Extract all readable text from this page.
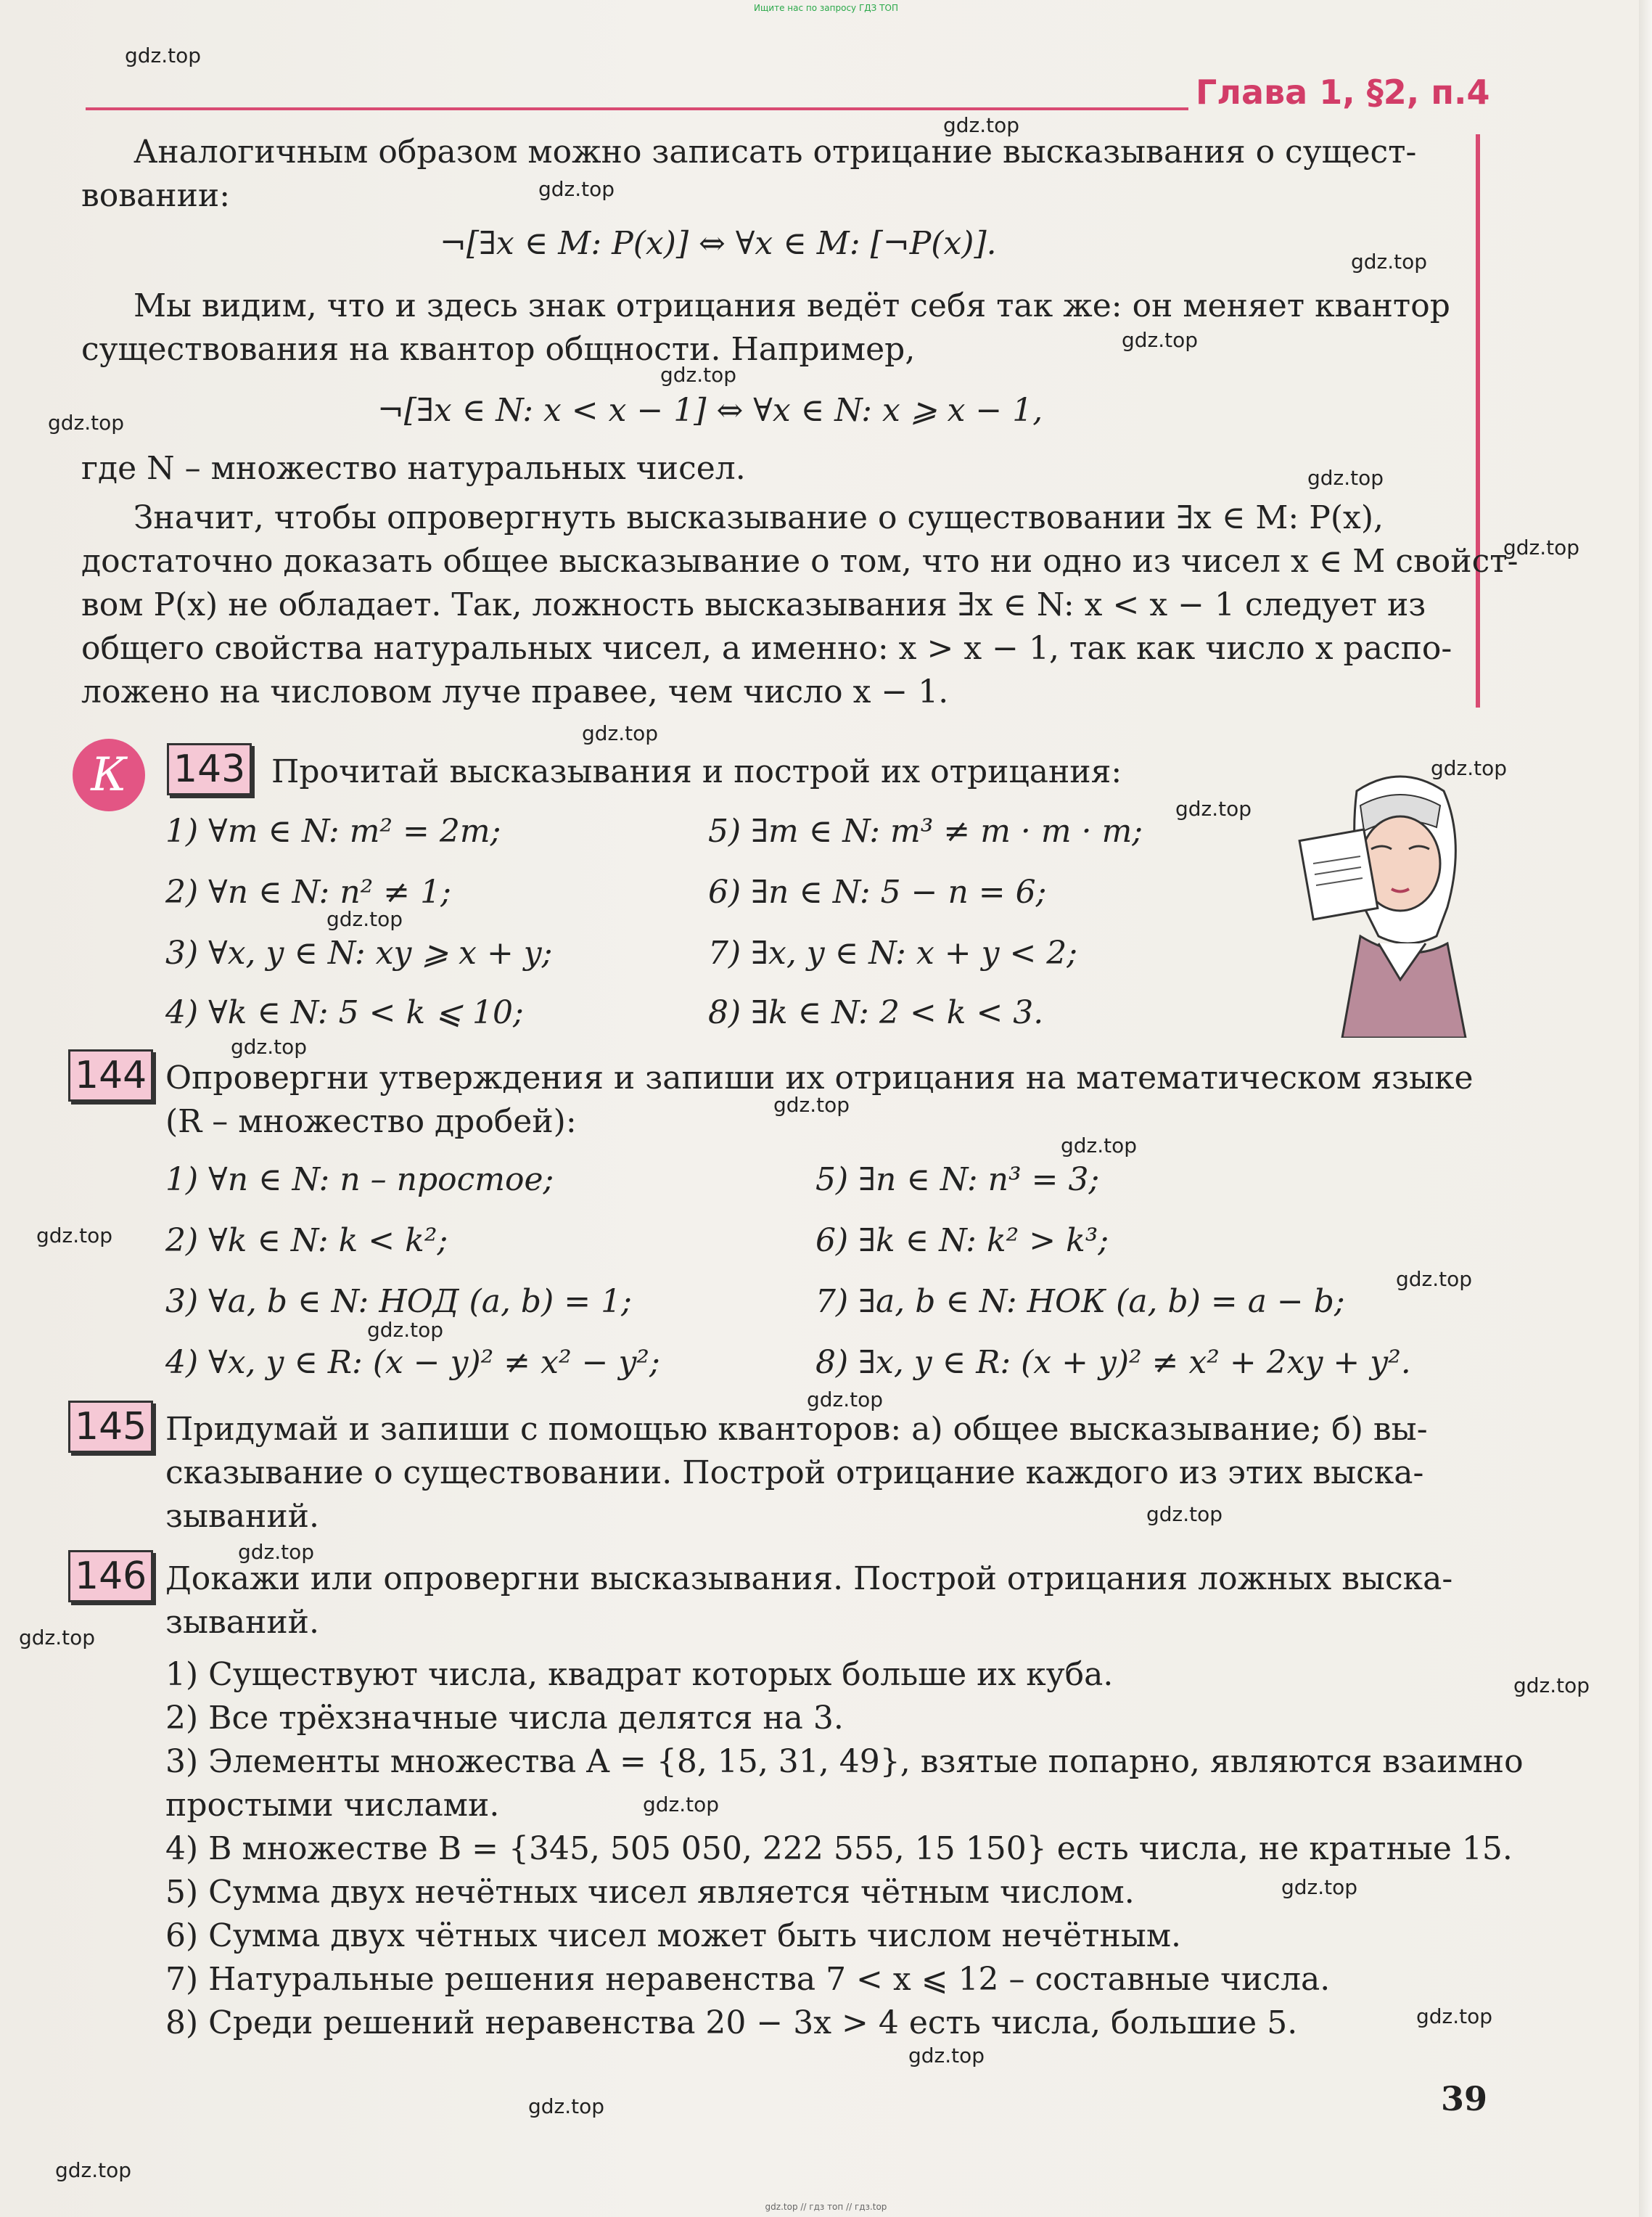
Ищите нас по запросу ГДЗ ТОП
Глава 1, §2, п.4
Аналогичным образом можно записать отрицание высказывания о сущест-
вовании:
¬[∃x ∈ M: P(x)] ⇔ ∀x ∈ M: [¬P(x)].
Мы видим, что и здесь знак отрицания ведёт себя так же: он меняет квантор
существования на квантор общности. Например,
¬[∃x ∈ N: x < x − 1] ⇔ ∀x ∈ N: x ⩾ x − 1,
где N – множество натуральных чисел.
Значит, чтобы опровергнуть высказывание о существовании ∃x ∈ M: P(x),
достаточно доказать общее высказывание о том, что ни одно из чисел x ∈ M свойст-
вом P(x) не обладает. Так, ложность высказывания ∃x ∈ N: x < x − 1 следует из
общего свойства натуральных чисел, а именно: x > x − 1, так как число x распо-
ложено на числовом луче правее, чем число x − 1.
К	143 Прочитай высказывания и построй их отрицания:
1) ∀m ∈ N: m² = 2m;
2) ∀n ∈ N: n² ≠ 1;
3) ∀x, y ∈ N: xy ⩾ x + y;
4) ∀k ∈ N: 5 < k ⩽ 10;
5) ∃m ∈ N: m³ ≠ m · m · m;
6) ∃n ∈ N: 5 − n = 6;
7) ∃x, y ∈ N: x + y < 2;
8) ∃k ∈ N: 2 < k < 3.
144 Опровергни утверждения и запиши их отрицания на математическом языке
(R – множество дробей):
1) ∀n ∈ N: n – простое;
2) ∀k ∈ N: k < k²;
3) ∀a, b ∈ N: НОД (a, b) = 1;
4) ∀x, y ∈ R: (x − y)² ≠ x² − y²;
5) ∃n ∈ N: n³ = 3;
6) ∃k ∈ N: k² > k³;
7) ∃a, b ∈ N: НОК (a, b) = a − b;
8) ∃x, y ∈ R: (x + y)² ≠ x² + 2xy + y².
145 Придумай и запиши с помощью кванторов: а) общее высказывание; б) вы-
сказывание о существовании. Построй отрицание каждого из этих выска-
зываний.
146 Докажи или опровергни высказывания. Построй отрицания ложных выска-
зываний.
1) Существуют числа, квадрат которых больше их куба.
2) Все трёхзначные числа делятся на 3.
3) Элементы множества A = {8, 15, 31, 49}, взятые попарно, являются взаимно
простыми числами.
4) В множестве B = {345, 505 050, 222 555, 15 150} есть числа, не кратные 15.
5) Сумма двух нечётных чисел является чётным числом.
6) Сумма двух чётных чисел может быть числом нечётным.
7) Натуральные решения неравенства 7 < x ⩽ 12 – составные числа.
8) Среди решений неравенства 20 − 3x > 4 есть числа, большие 5.
39
gdz.top
gdz.top
gdz.top
gdz.top
gdz.top
gdz.top
gdz.top
gdz.top
gdz.top
gdz.top
gdz.top
gdz.top
gdz.top
gdz.top
gdz.top
gdz.top
gdz.top
gdz.top
gdz.top
gdz.top
gdz.top
gdz.top
gdz.top
gdz.top
gdz.top
gdz.top
gdz.top
gdz.top
gdz.top
gdz.top
gdz.top // гдз топ // гдз.top
